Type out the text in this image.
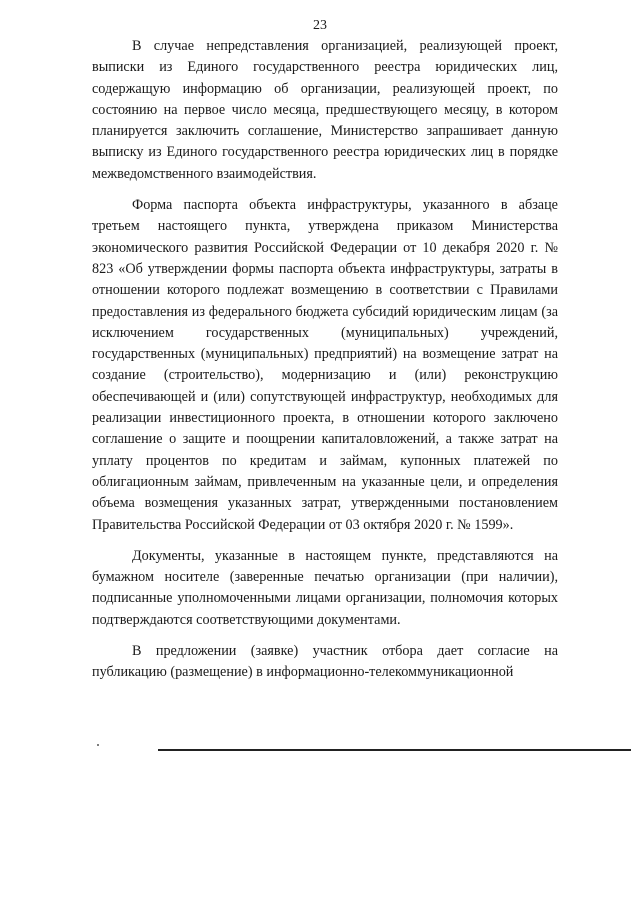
23

В случае непредставления организацией, реализующей проект, выписки из Единого государственного реестра юридических лиц, содержащую информацию об организации, реализующей проект, по состоянию на первое число месяца, предшествующего месяцу, в котором планируется заключить соглашение, Министерство запрашивает данную выписку из Единого государственного реестра юридических лиц в порядке межведомственного взаимодействия.

Форма паспорта объекта инфраструктуры, указанного в абзаце третьем настоящего пункта, утверждена приказом Министерства экономического развития Российской Федерации от 10 декабря 2020 г. № 823 «Об утверждении формы паспорта объекта инфраструктуры, затраты в отношении которого подлежат возмещению в соответствии с Правилами предоставления из федерального бюджета субсидий юридическим лицам (за исключением государственных (муниципальных) учреждений, государственных (муниципальных) предприятий) на возмещение затрат на создание (строительство), модернизацию и (или) реконструкцию обеспечивающей и (или) сопутствующей инфраструктур, необходимых для реализации инвестиционного проекта, в отношении которого заключено соглашение о защите и поощрении капиталовложений, а также затрат на уплату процентов по кредитам и займам, купонных платежей по облигационным займам, привлеченным на указанные цели, и определения объема возмещения указанных затрат, утвержденными постановлением Правительства Российской Федерации от 03 октября 2020 г. № 1599».

Документы, указанные в настоящем пункте, представляются на бумажном носителе (заверенные печатью организации (при наличии), подписанные уполномоченными лицами организации, полномочия которых подтверждаются соответствующими документами.

В предложении (заявке) участник отбора дает согласие на публикацию (размещение) в информационно-телекоммуникационной
